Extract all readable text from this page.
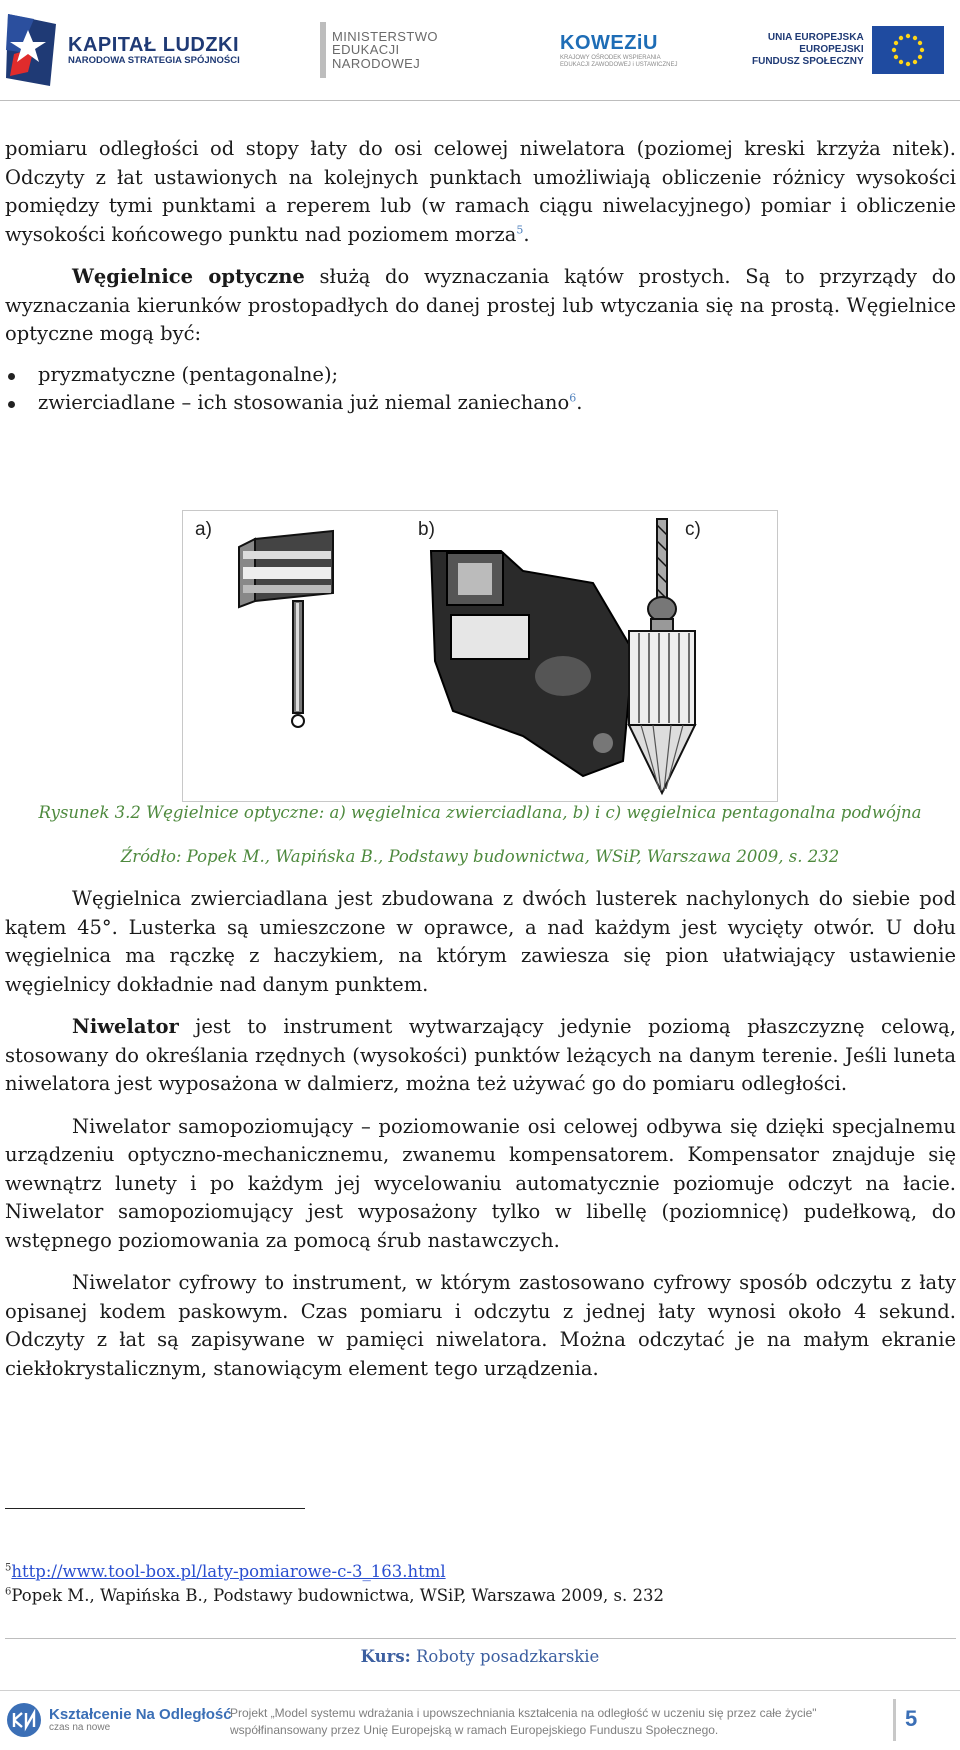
KAPITAŁ LUDZKI
NARODOWA STRATEGIA SPÓJNOŚCI
MINISTERSTWO
EDUKACJI
NARODOWEJ
KOWEZiU
KRAJOWY OŚRODEK WSPIERANIA
EDUKACJI ZAWODOWEJ i USTAWICZNEJ
UNIA EUROPEJSKA
EUROPEJSKI
FUNDUSZ SPOŁECZNY

pomiaru odległości od stopy łaty do osi celowej niwelatora (poziomej kreski krzyża nitek). Odczyty z łat ustawionych na kolejnych punktach umożliwiają obliczenie różnicy wysokości pomiędzy tymi punktami a reperem lub (w ramach ciągu niwelacyjnego) pomiar i obliczenie wysokości końcowego punktu nad poziomem morza$^5$.

Węgielnice optyczne służą do wyznaczania kątów prostych. Są to przyrządy do wyznaczania kierunków prostopadłych do danej prostej lub wtyczania się na prostą. Węgielnice optyczne mogą być:

pryzmatyczne (pentagonalne);
zwierciadlane – ich stosowania już niemal zaniechano$^6$.
a)	b)	c)
Rysunek 3.2 Węgielnice optyczne: a) węgielnica zwierciadlana, b) i c) węgielnica pentagonalna podwójna
Źródło: Popek M., Wapińska B., Podstawy budownictwa, WSiP, Warszawa 2009, s. 232

Węgielnica zwierciadlana jest zbudowana z dwóch lusterek nachylonych do siebie pod kątem 45°. Lusterka są umieszczone w oprawce, a nad każdym jest wycięty otwór. U dołu węgielnica ma rączkę z haczykiem, na którym zawiesza się pion ułatwiający ustawienie węgielnicy dokładnie nad danym punktem.

Niwelator jest to instrument wytwarzający jedynie poziomą płaszczyznę celową, stosowany do określania rzędnych (wysokości) punktów leżących na danym terenie. Jeśli luneta niwelatora jest wyposażona w dalmierz, można też używać go do pomiaru odległości.

Niwelator samopoziomujący – poziomowanie osi celowej odbywa się dzięki specjalnemu urządzeniu optyczno-mechanicznemu, zwanemu kompensatorem. Kompensator znajduje się wewnątrz lunety i po każdym jej wycelowaniu automatycznie poziomuje odczyt na łacie. Niwelator samopoziomujący jest wyposażony tylko w libellę (poziomnicę) pudełkową, do wstępnego poziomowania za pomocą śrub nastawczych.

Niwelator cyfrowy to instrument, w którym zastosowano cyfrowy sposób odczytu z łaty opisanej kodem paskowym. Czas pomiaru i odczytu z jednej łaty wynosi około 4 sekund. Odczyty z łat są zapisywane w pamięci niwelatora. Można odczytać je na małym ekranie ciekłokrystalicznym, stanowiącym element tego urządzenia.

$^5$http://www.tool-box.pl/laty-pomiarowe-c-3_163.html
$^6$Popek M., Wapińska B., Podstawy budownictwa, WSiP, Warszawa 2009, s. 232
Kurs: Roboty posadzkarskie
Kształcenie Na Odległość
czas na nowe
Projekt „Model systemu wdrażania i upowszechniania kształcenia na odległość w uczeniu się przez całe życie"
współfinansowany przez Unię Europejską w ramach Europejskiego Funduszu Społecznego.	5
